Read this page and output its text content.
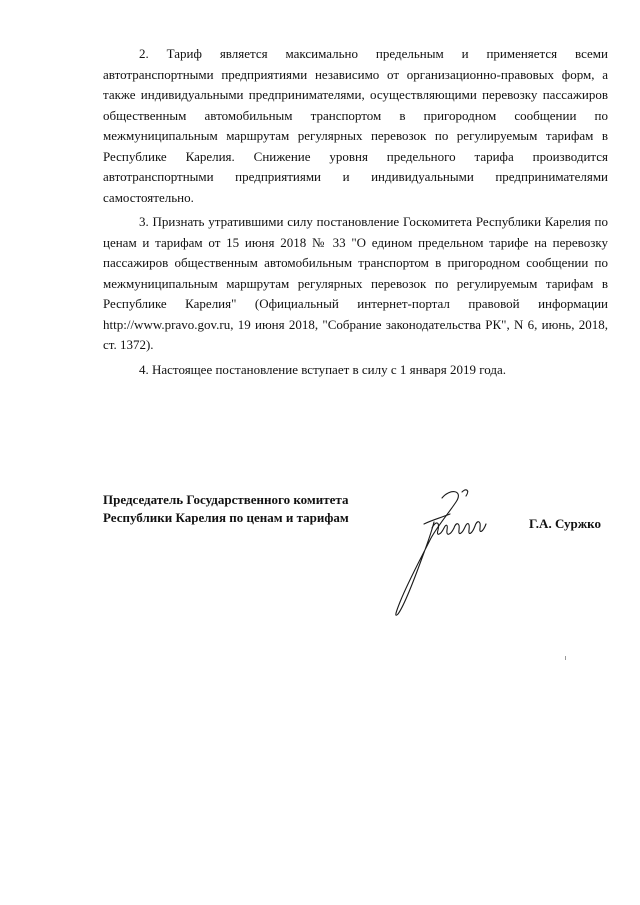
2. Тариф является максимально предельным и применяется всеми автотранспортными предприятиями независимо от организационно-правовых форм, а также индивидуальными предпринимателями, осуществляющими перевозку пассажиров общественным автомобильным транспортом в пригородном сообщении по межмуниципальным маршрутам регулярных перевозок по регулируемым тарифам в Республике Карелия. Снижение уровня предельного тарифа производится автотранспортными предприятиями и индивидуальными предпринимателями самостоятельно.

3. Признать утратившими силу постановление Госкомитета Республики Карелия по ценам и тарифам от 15 июня 2018 № 33 "О едином предельном тарифе на перевозку пассажиров общественным автомобильным транспортом в пригородном сообщении по межмуниципальным маршрутам регулярных перевозок по регулируемым тарифам в Республике Карелия" (Официальный интернет-портал правовой информации http://www.pravo.gov.ru, 19 июня 2018, "Собрание законодательства РК", N 6, июнь, 2018, ст. 1372).

4. Настоящее постановление вступает в силу с 1 января 2019 года.

Председатель Государственного комитета
Республики Карелия по ценам и тарифам	Г.А. Суржко
